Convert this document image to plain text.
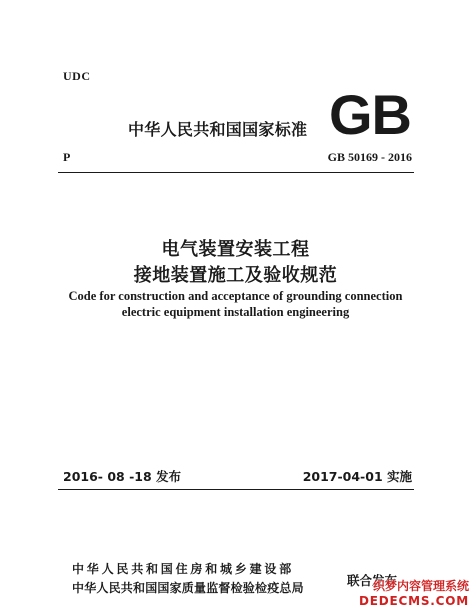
UDC
中华人民共和国国家标准 GB
P	GB 50169 - 2016
电气装置安装工程
接地装置施工及验收规范
Code for construction and acceptance of grounding connection
electric equipment installation engineering
2016- 08 -18 发布	2017-04-01 实施
中华人民共和国住房和城乡建设部
中华人民共和国国家质量监督检验检疫总局	联合发布
织梦内容管理系统
DEDECMS.COM
